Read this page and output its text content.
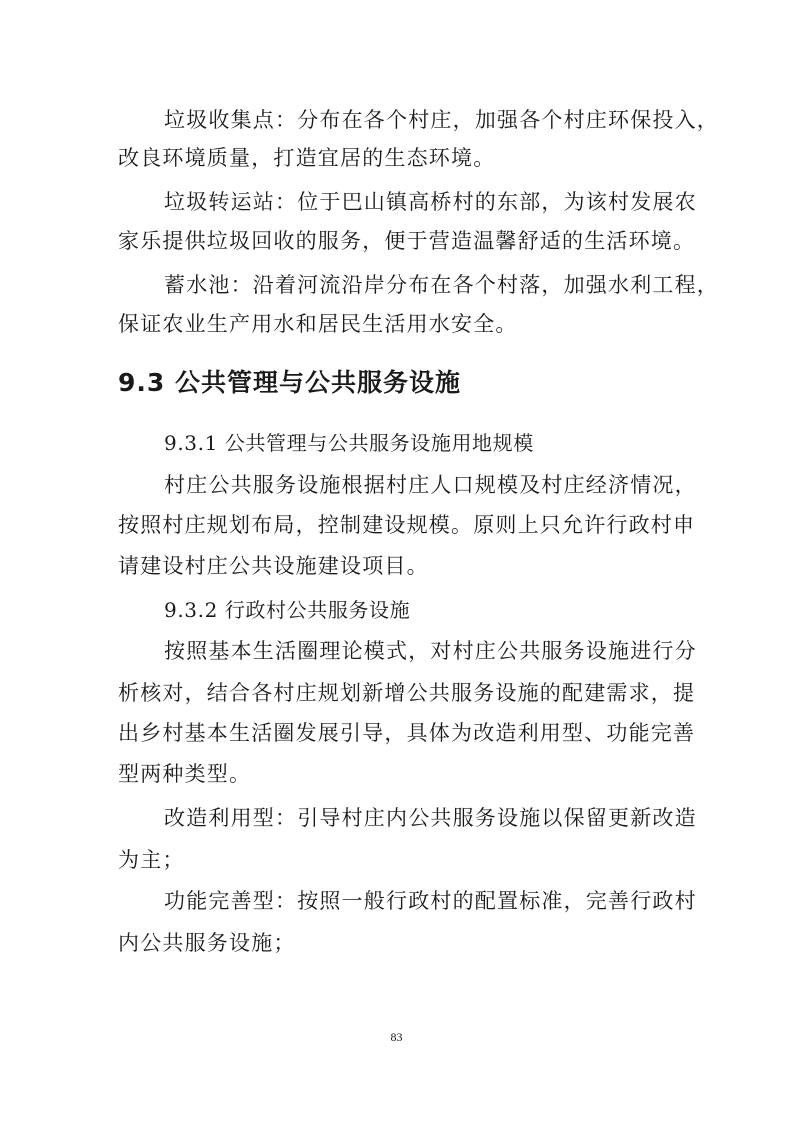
垃圾收集点：分布在各个村庄，加强各个村庄环保投入，
改良环境质量，打造宜居的生态环境。
垃圾转运站：位于巴山镇高桥村的东部，为该村发展农
家乐提供垃圾回收的服务，便于营造温馨舒适的生活环境。
蓄水池：沿着河流沿岸分布在各个村落，加强水利工程，
保证农业生产用水和居民生活用水安全。
9.3 公共管理与公共服务设施
9.3.1 公共管理与公共服务设施用地规模
村庄公共服务设施根据村庄人口规模及村庄经济情况，
按照村庄规划布局，控制建设规模。原则上只允许行政村申
请建设村庄公共设施建设项目。
9.3.2 行政村公共服务设施
按照基本生活圈理论模式，对村庄公共服务设施进行分
析核对，结合各村庄规划新增公共服务设施的配建需求，提
出乡村基本生活圈发展引导，具体为改造利用型、功能完善
型两种类型。
改造利用型：引导村庄内公共服务设施以保留更新改造
为主；
功能完善型：按照一般行政村的配置标准，完善行政村
内公共服务设施；
83
